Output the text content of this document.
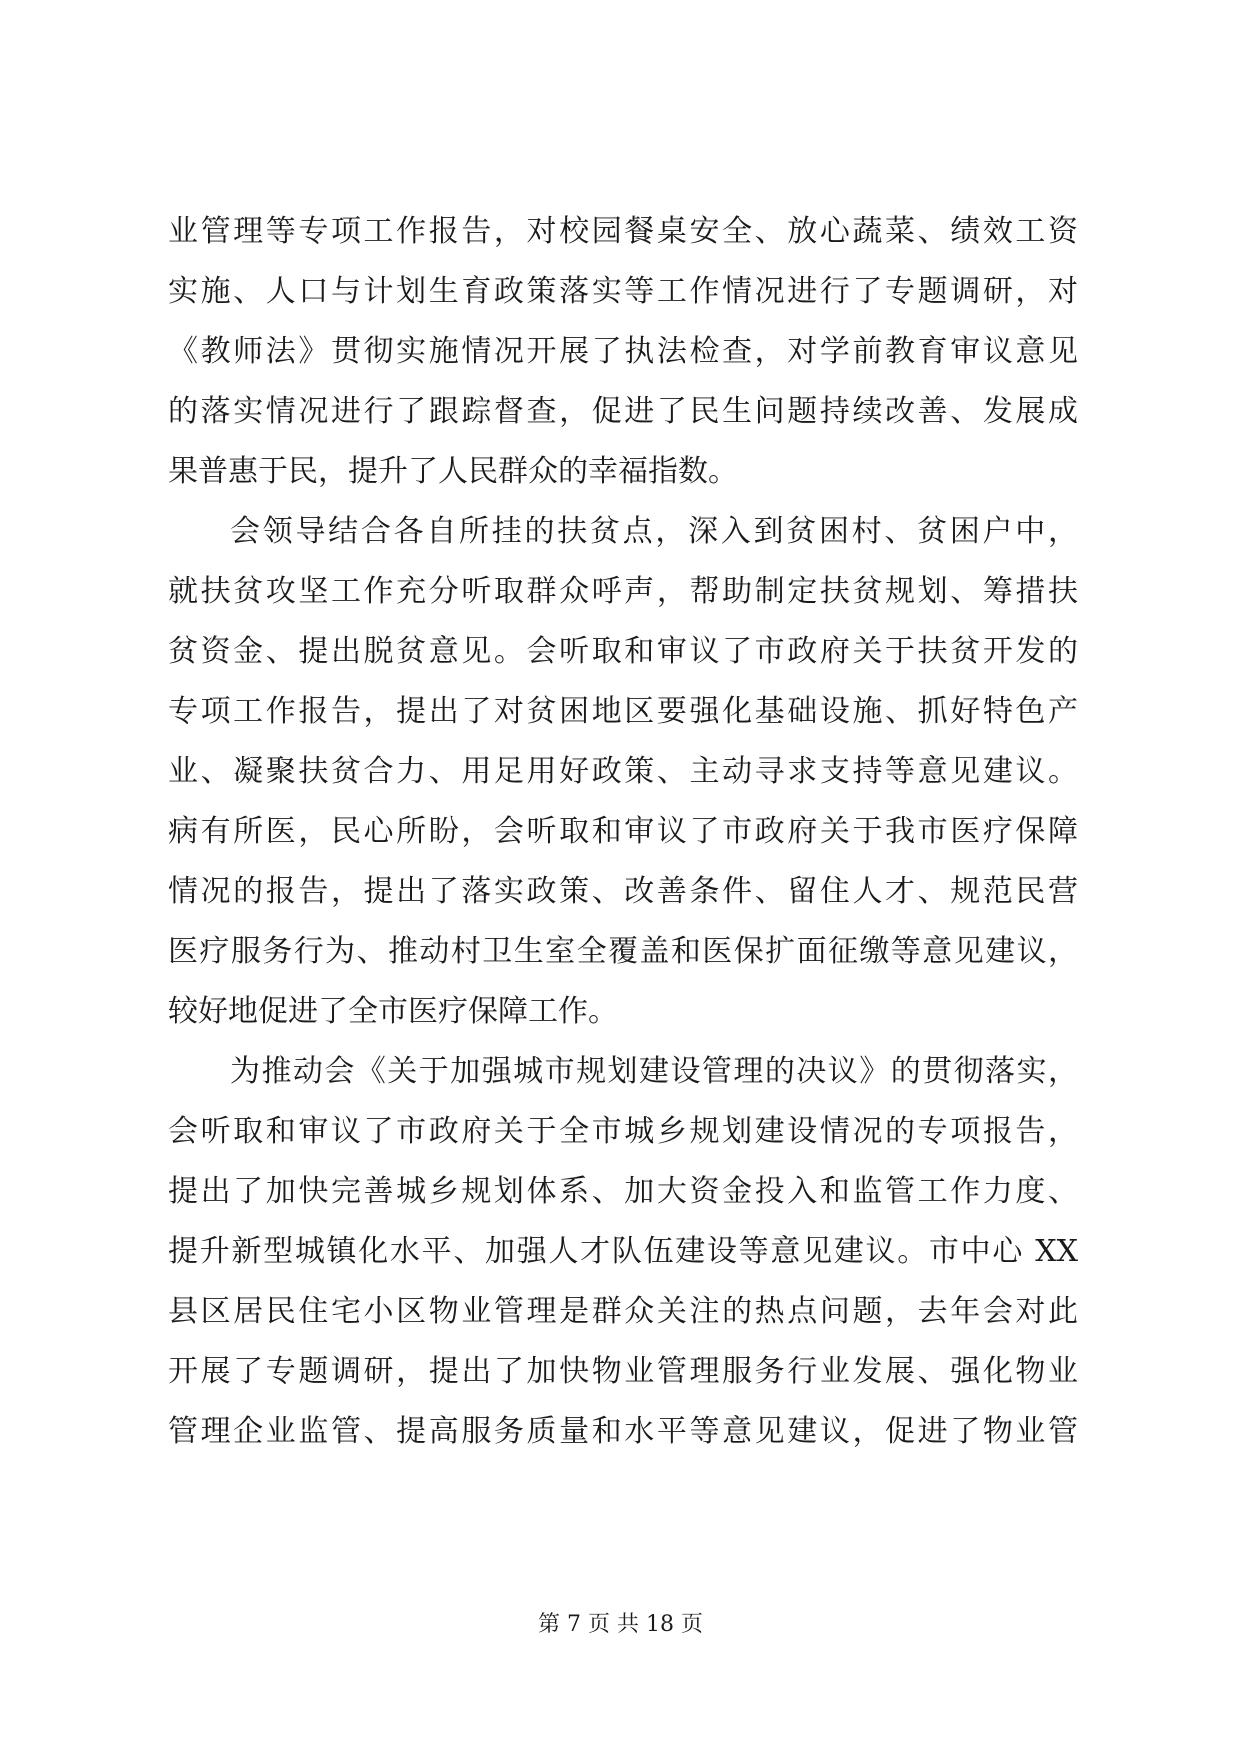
业管理等专项工作报告，对校园餐桌安全、放心蔬菜、绩效工资
实施、人口与计划生育政策落实等工作情况进行了专题调研，对
《教师法》贯彻实施情况开展了执法检查，对学前教育审议意见
的落实情况进行了跟踪督查，促进了民生问题持续改善、发展成
果普惠于民，提升了人民群众的幸福指数。
会领导结合各自所挂的扶贫点，深入到贫困村、贫困户中，
就扶贫攻坚工作充分听取群众呼声，帮助制定扶贫规划、筹措扶
贫资金、提出脱贫意见。会听取和审议了市政府关于扶贫开发的
专项工作报告，提出了对贫困地区要强化基础设施、抓好特色产
业、凝聚扶贫合力、用足用好政策、主动寻求支持等意见建议。
病有所医，民心所盼，会听取和审议了市政府关于我市医疗保障
情况的报告，提出了落实政策、改善条件、留住人才、规范民营
医疗服务行为、推动村卫生室全覆盖和医保扩面征缴等意见建议，
较好地促进了全市医疗保障工作。
为推动会《关于加强城市规划建设管理的决议》的贯彻落实，
会听取和审议了市政府关于全市城乡规划建设情况的专项报告，
提出了加快完善城乡规划体系、加大资金投入和监管工作力度、
提升新型城镇化水平、加强人才队伍建设等意见建议。市中心 XX
县区居民住宅小区物业管理是群众关注的热点问题，去年会对此
开展了专题调研，提出了加快物业管理服务行业发展、强化物业
管理企业监管、提高服务质量和水平等意见建议，促进了物业管
第 7 页 共 18 页
